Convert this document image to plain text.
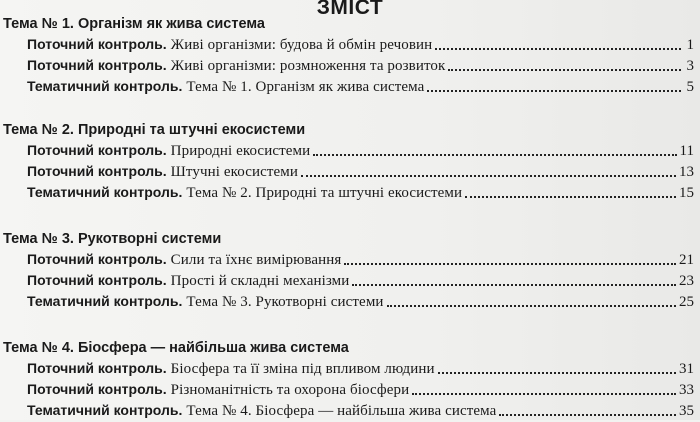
ЗМІСТ
Тема № 1. Організм як жива система
Поточний контроль. Живі організми: будова й обмін речовин	1
Поточний контроль. Живі організми: розмноження та розвиток	3
Тематичний контроль. Тема № 1. Організм як жива система	5
Тема № 2. Природні та штучні екосистеми
Поточний контроль. Природні екосистеми	11
Поточний контроль. Штучні екосистеми	13
Тематичний контроль. Тема № 2. Природні та штучні екосистеми	15
Тема № 3. Рукотворні системи
Поточний контроль. Сили та їхнє вимірювання	21
Поточний контроль. Прості й складні механізми	23
Тематичний контроль. Тема № 3. Рукотворні системи	25
Тема № 4. Біосфера — найбільша жива система
Поточний контроль. Біосфера та її зміна під впливом людини	31
Поточний контроль. Різноманітність та охорона біосфери	33
Тематичний контроль. Тема № 4. Біосфера — найбільша жива система	35
